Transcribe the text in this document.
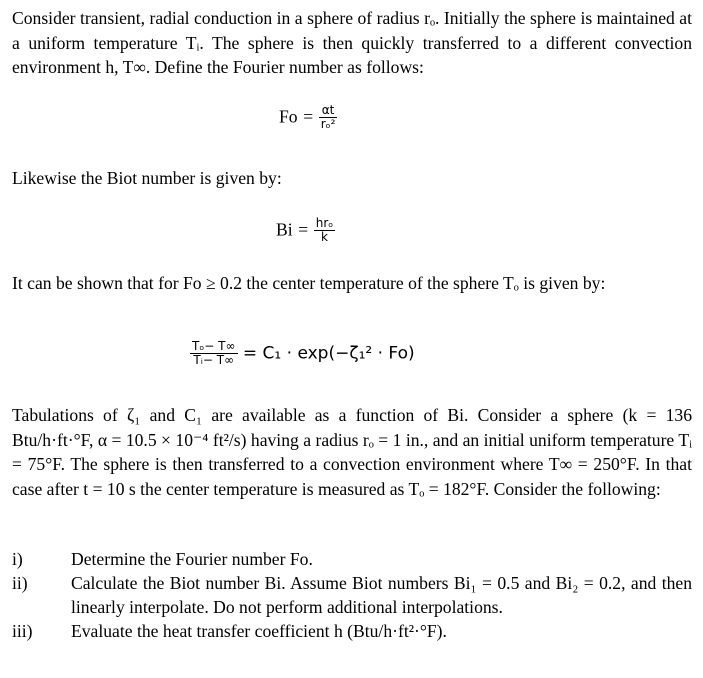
Consider transient, radial conduction in a sphere of radius rₒ. Initially the sphere is maintained at a uniform temperature Tᵢ. The sphere is then quickly transferred to a different convection environment h, T∞. Define the Fourier number as follows:
$Fo = \frac{\alpha t}{\text{rₒ²}}$
Likewise the Biot number is given by:
$Bi = \frac{\text{hrₒ}}{k}$
It can be shown that for Fo ≥ 0.2 the center temperature of the sphere Tₒ is given by:
$\frac{\text{Tₒ− T∞}}{\text{Tᵢ− T∞}} = C_1 \cdot \exp(-\zeta_1^2 \cdot Fo)$
Tabulations of ζ₁ and C₁ are available as a function of Bi. Consider a sphere (k = 136 Btu/h·ft·°F, α = 10.5 × 10⁻⁴ ft²/s) having a radius rₒ = 1 in., and an initial uniform temperature Tᵢ = 75°F. The sphere is then transferred to a convection environment where T∞ = 250°F. In that case after t = 10 s the center temperature is measured as Tₒ = 182°F. Consider the following:
i)	Determine the Fourier number Fo.
ii)	Calculate the Biot number Bi. Assume Biot numbers Bi₁ = 0.5 and Bi₂ = 0.2, and then linearly interpolate. Do not perform additional interpolations.
iii)	Evaluate the heat transfer coefficient h (Btu/h·ft²·°F).
